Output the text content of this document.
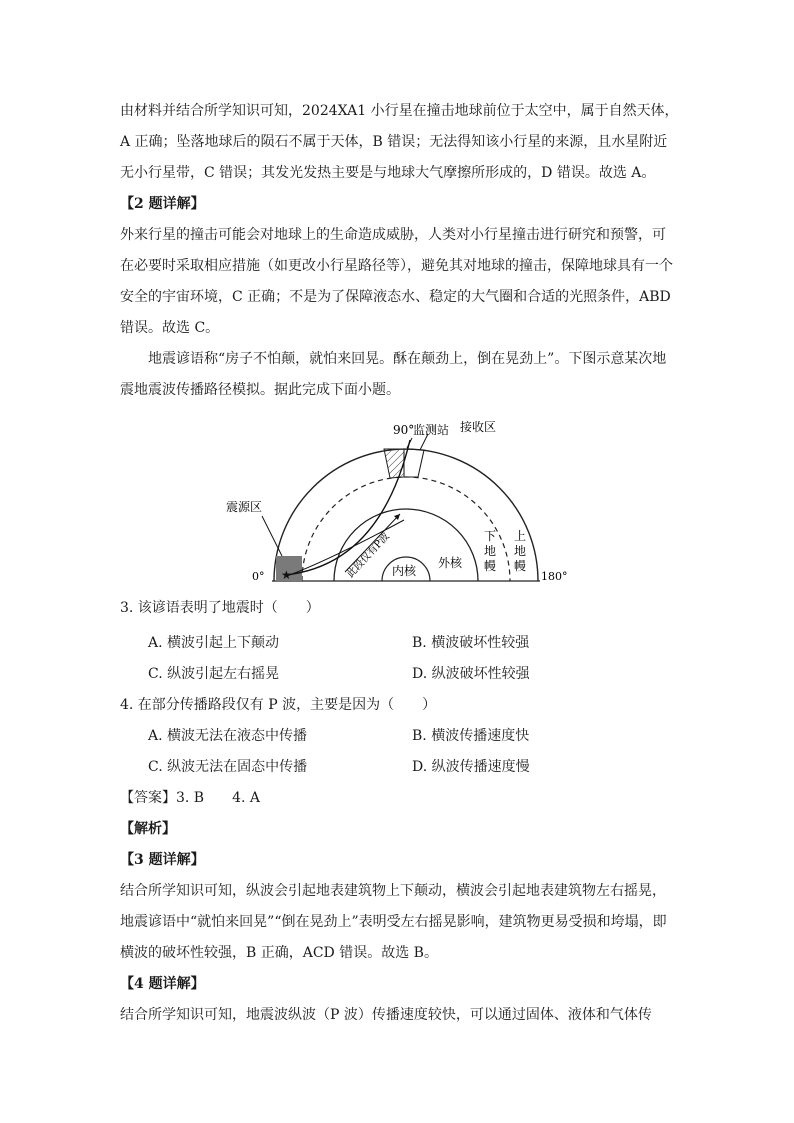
由材料并结合所学知识可知，2024XA1 小行星在撞击地球前位于太空中，属于自然天体，
A 正确；坠落地球后的陨石不属于天体，B 错误；无法得知该小行星的来源，且水星附近
无小行星带，C 错误；其发光发热主要是与地球大气摩擦所形成的，D 错误。故选 A。
【2 题详解】
外来行星的撞击可能会对地球上的生命造成威胁，人类对小行星撞击进行研究和预警，可
在必要时采取相应措施（如更改小行星路径等），避免其对地球的撞击，保障地球具有一个
安全的宇宙环境，C 正确；不是为了保障液态水、稳定的大气圈和合适的光照条件，ABD
错误。故选 C。
地震谚语称“房子不怕颠，就怕来回晃。酥在颠劲上，倒在晃劲上”。下图示意某次地
震地震波传播路径模拟。据此完成下面小题。
★
90°
监测站 接收区
震源区
0°	180°
内核
外核
下地幔
上地幔
此段仅有P波
3. 该谚语表明了地震时（　　）
A. 横波引起上下颠动	B. 横波破坏性较强
C. 纵波引起左右摇晃	D. 纵波破坏性较强
4. 在部分传播路段仅有 P 波，主要是因为（　　）
A. 横波无法在液态中传播	B. 横波传播速度快
C. 纵波无法在固态中传播	D. 纵波传播速度慢
【答案】3. B　　4. A
【解析】
【3 题详解】
结合所学知识可知，纵波会引起地表建筑物上下颠动，横波会引起地表建筑物左右摇晃，
地震谚语中“就怕来回晃”“倒在晃劲上”表明受左右摇晃影响，建筑物更易受损和垮塌，即
横波的破坏性较强，B 正确，ACD 错误。故选 B。
【4 题详解】
结合所学知识可知，地震波纵波（P 波）传播速度较快，可以通过固体、液体和气体传
